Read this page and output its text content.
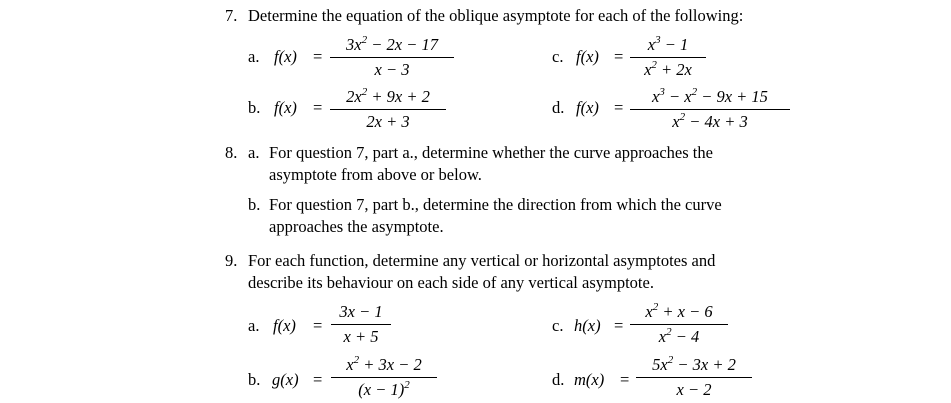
7. Determine the equation of the oblique asymptote for each of the following:
a. f(x) =
$3x^2 - 2x - 17$
x − 3
b. f(x) =
$2x^2 + 9x + 2$
2x + 3
c. f(x) =
$x^3 - 1$
$x^2 + 2x$
d. f(x) =
$x^3 - x^2 - 9x + 15$
$x^2 - 4x + 3$
8. a. For question 7, part a., determine whether the curve approaches the
asymptote from above or below.
b. For question 7, part b., determine the direction from which the curve
approaches the asymptote.
9. For each function, determine any vertical or horizontal asymptotes and
describe its behaviour on each side of any vertical asymptote.
a. f(x) =
3x − 1
x + 5
b. g(x) =
$x^2 + 3x - 2$
$(x - 1)^2$
c. h(x) =
$x^2 + x - 6$
$x^2 - 4$
d. m(x) =
$5x^2 - 3x + 2$
x − 2
